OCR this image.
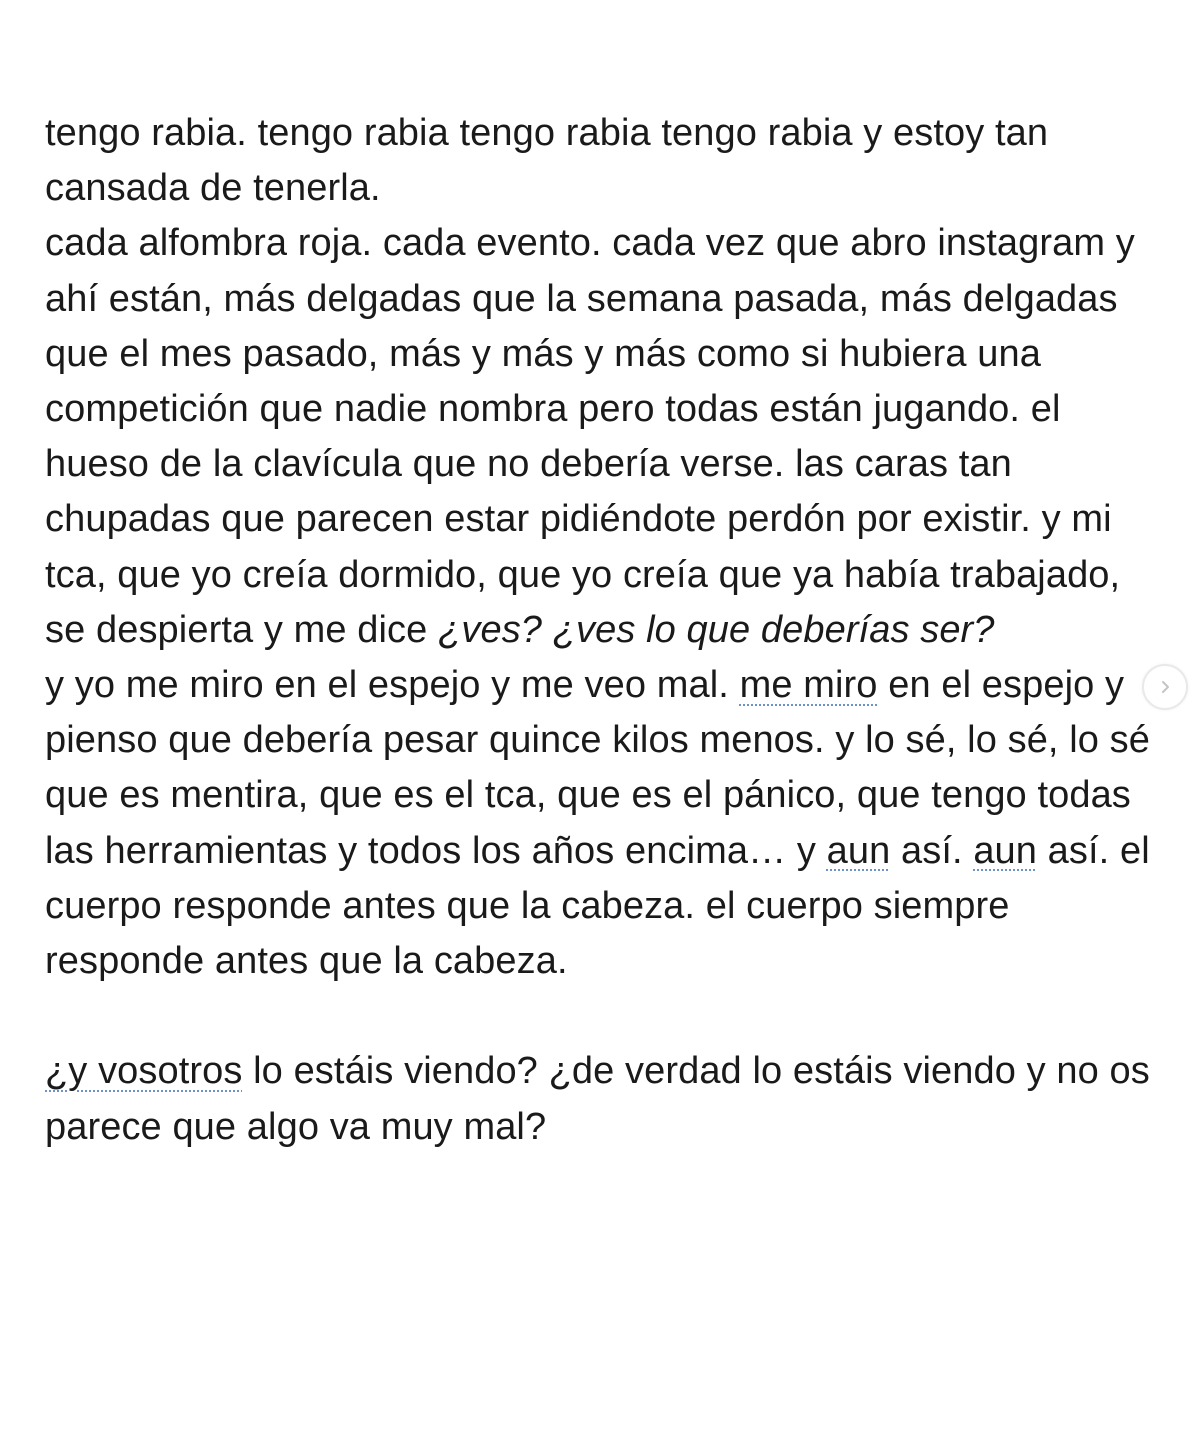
tengo rabia. tengo rabia tengo rabia tengo rabia y estoy tan cansada de tenerla.

cada alfombra roja. cada evento. cada vez que abro instagram y ahí están, más delgadas que la semana pasada, más delgadas que el mes pasado, más y más y más como si hubiera una competición que nadie nombra pero todas están jugando. el hueso de la clavícula que no debería verse. las caras tan chupadas que parecen estar pidiéndote perdón por existir. y mi tca, que yo creía dormido, que yo creía que ya había trabajado, se despierta y me dice ¿ves? ¿ves lo que deberías ser?

y yo me miro en el espejo y me veo mal. me miro en el espejo y pienso que debería pesar quince kilos menos. y lo sé, lo sé, lo sé que es mentira, que es el tca, que es el pánico, que tengo todas las herramientas y todos los años encima… y aun así. aun así. el cuerpo responde antes que la cabeza. el cuerpo siempre responde antes que la cabeza.

¿y vosotros lo estáis viendo? ¿de verdad lo estáis viendo y no os parece que algo va muy mal?
